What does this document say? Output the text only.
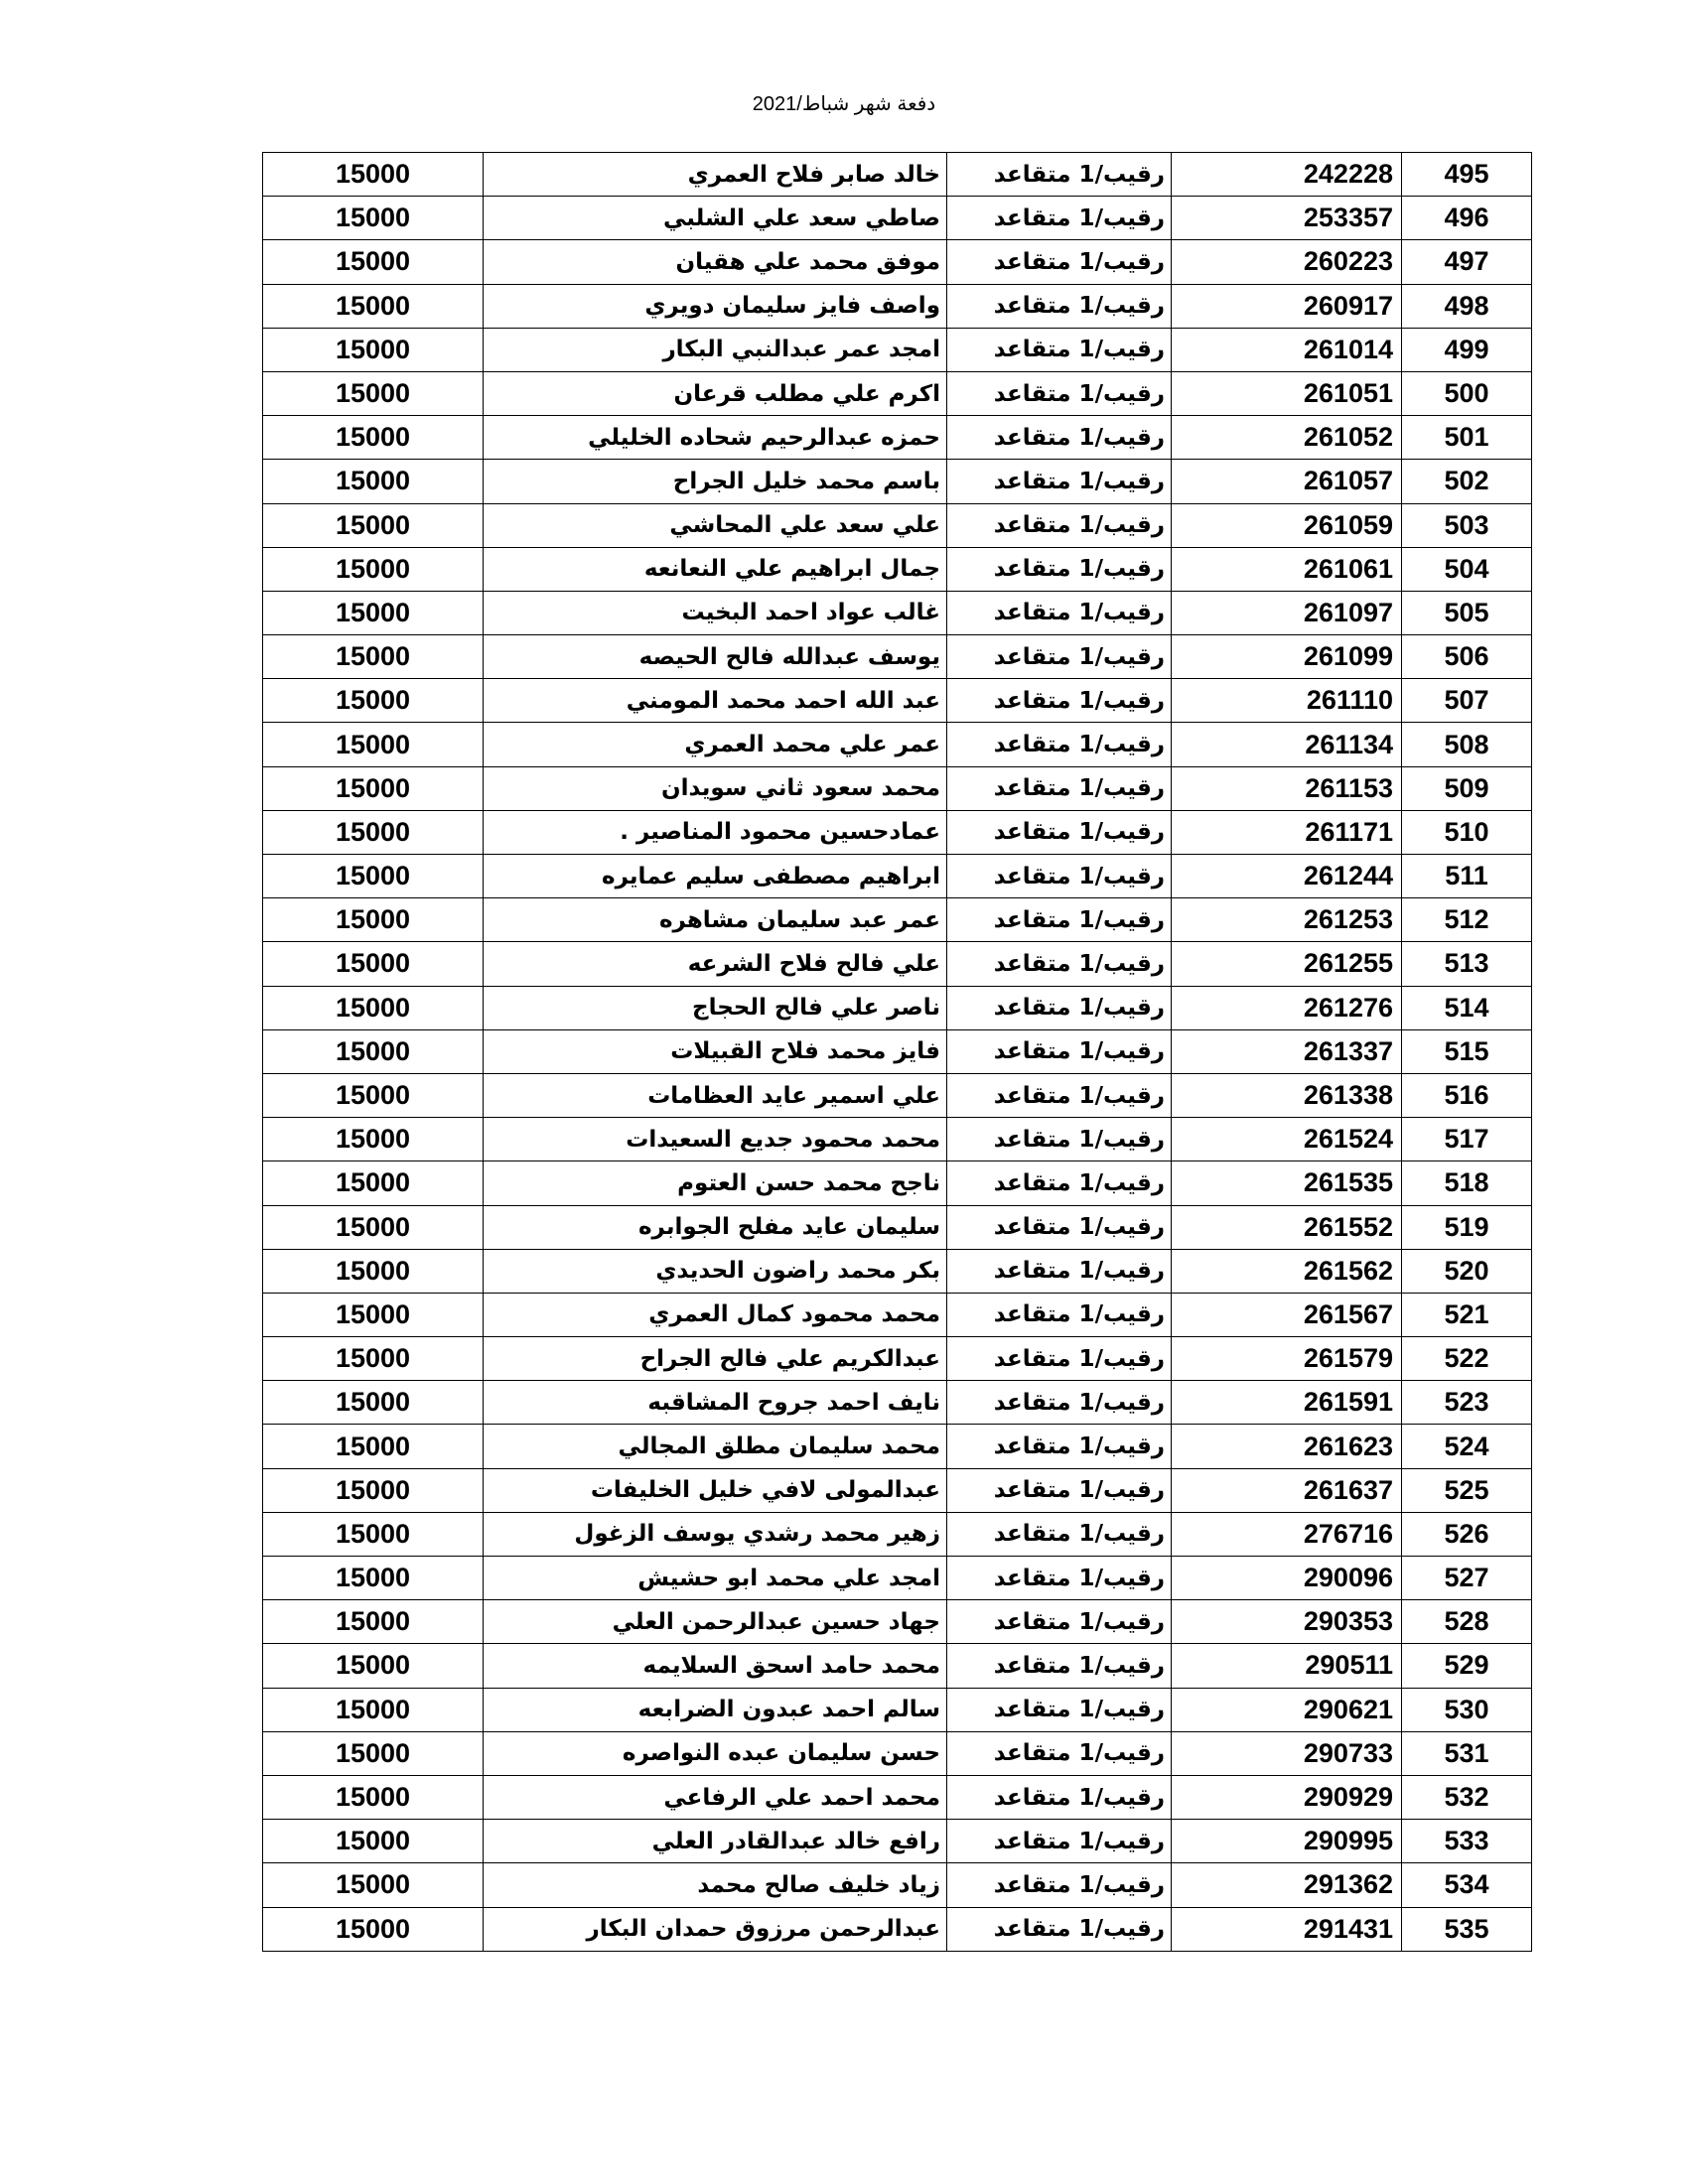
دفعة شهر شباط/2021
15000	خالد صابر فلاح العمري	رقيب/1 متقاعد	242228	495
15000	صاطي سعد علي الشلبي	رقيب/1 متقاعد	253357	496
15000	موفق محمد علي هقيان	رقيب/1 متقاعد	260223	497
15000	واصف فايز سليمان دويري	رقيب/1 متقاعد	260917	498
15000	امجد عمر عبدالنبي البكار	رقيب/1 متقاعد	261014	499
15000	اكرم علي مطلب قرعان	رقيب/1 متقاعد	261051	500
15000	حمزه عبدالرحيم شحاده الخليلي	رقيب/1 متقاعد	261052	501
15000	باسم محمد خليل الجراح	رقيب/1 متقاعد	261057	502
15000	علي سعد علي المحاشي	رقيب/1 متقاعد	261059	503
15000	جمال ابراهيم علي النعانعه	رقيب/1 متقاعد	261061	504
15000	غالب عواد احمد البخيت	رقيب/1 متقاعد	261097	505
15000	يوسف عبدالله فالح الحيصه	رقيب/1 متقاعد	261099	506
15000	عبد الله احمد محمد المومني	رقيب/1 متقاعد	261110	507
15000	عمر علي محمد العمري	رقيب/1 متقاعد	261134	508
15000	محمد سعود ثاني سويدان	رقيب/1 متقاعد	261153	509
15000	عمادحسين محمود المناصير .	رقيب/1 متقاعد	261171	510
15000	ابراهيم مصطفى سليم عمايره	رقيب/1 متقاعد	261244	511
15000	عمر عبد سليمان مشاهره	رقيب/1 متقاعد	261253	512
15000	علي فالح فلاح الشرعه	رقيب/1 متقاعد	261255	513
15000	ناصر علي فالح الحجاج	رقيب/1 متقاعد	261276	514
15000	فايز محمد فلاح القبيلات	رقيب/1 متقاعد	261337	515
15000	علي اسمير عايد العظامات	رقيب/1 متقاعد	261338	516
15000	محمد محمود جديع السعيدات	رقيب/1 متقاعد	261524	517
15000	ناجح محمد حسن العتوم	رقيب/1 متقاعد	261535	518
15000	سليمان عايد مفلح الجوابره	رقيب/1 متقاعد	261552	519
15000	بكر محمد راضون الحديدي	رقيب/1 متقاعد	261562	520
15000	محمد محمود كمال العمري	رقيب/1 متقاعد	261567	521
15000	عبدالكريم علي فالح الجراح	رقيب/1 متقاعد	261579	522
15000	نايف احمد جروح المشاقبه	رقيب/1 متقاعد	261591	523
15000	محمد سليمان مطلق المجالي	رقيب/1 متقاعد	261623	524
15000	عبدالمولى لافي خليل الخليفات	رقيب/1 متقاعد	261637	525
15000	زهير محمد رشدي يوسف الزغول	رقيب/1 متقاعد	276716	526
15000	امجد علي محمد ابو حشيش	رقيب/1 متقاعد	290096	527
15000	جهاد حسين عبدالرحمن العلي	رقيب/1 متقاعد	290353	528
15000	محمد حامد اسحق السلايمه	رقيب/1 متقاعد	290511	529
15000	سالم احمد عبدون الضرابعه	رقيب/1 متقاعد	290621	530
15000	حسن سليمان عبده النواصره	رقيب/1 متقاعد	290733	531
15000	محمد احمد علي الرفاعي	رقيب/1 متقاعد	290929	532
15000	رافع خالد عبدالقادر العلي	رقيب/1 متقاعد	290995	533
15000	زياد خليف صالح محمد	رقيب/1 متقاعد	291362	534
15000	عبدالرحمن مرزوق حمدان البكار	رقيب/1 متقاعد	291431	535
